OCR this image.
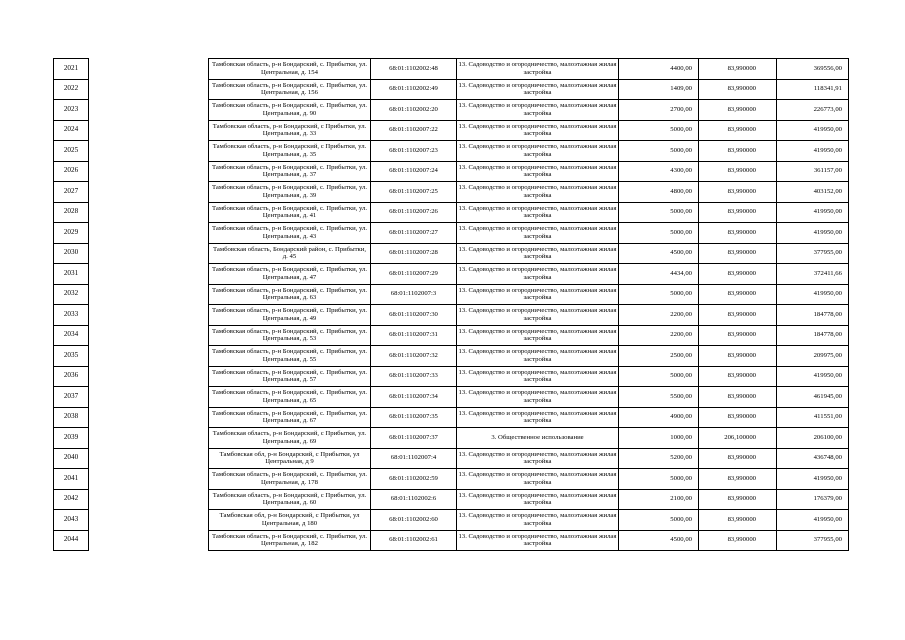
2021		Тамбовская область, р-н Бондарский, с. Прибытки, ул. Центральная, д. 154	68:01:1102002:48	13. Садоводство и огородничество, малоэтажная жилая застройка	4400,00	83,990000	369556,00
2022		Тамбовская область, р-н Бондарский, с. Прибытки, ул. Центральная, д. 156	68:01:1102002:49	13. Садоводство и огородничество, малоэтажная жилая застройка	1409,00	83,990000	118341,91
2023		Тамбовская область, р-н Бондарский, с. Прибытки, ул. Центральная, д. 90	68:01:1102002:20	13. Садоводство и огородничество, малоэтажная жилая застройка	2700,00	83,990000	226773,00
2024		Тамбовская область, р-н Бондарский, с Прибытки, ул. Центральная, д. 33	68:01:1102007:22	13. Садоводство и огородничество, малоэтажная жилая застройка	5000,00	83,990000	419950,00
2025		Тамбовская область, р-н Бондарский, с Прибытки, ул. Центральная, д. 35	68:01:1102007:23	13. Садоводство и огородничество, малоэтажная жилая застройка	5000,00	83,990000	419950,00
2026		Тамбовская область, р-н Бондарский, с. Прибытки, ул. Центральная, д. 37	68:01:1102007:24	13. Садоводство и огородничество, малоэтажная жилая застройка	4300,00	83,990000	361157,00
2027		Тамбовская область, р-н Бондарский, с. Прибытки, ул. Центральная, д. 39	68:01:1102007:25	13. Садоводство и огородничество, малоэтажная жилая застройка	4800,00	83,990000	403152,00
2028		Тамбовская область, р-н Бондарский, с. Прибытки, ул. Центральная, д. 41	68:01:1102007:26	13. Садоводство и огородничество, малоэтажная жилая застройка	5000,00	83,990000	419950,00
2029		Тамбовская область, р-н Бондарский, с. Прибытки, ул. Центральная, д. 43	68:01:1102007:27	13. Садоводство и огородничество, малоэтажная жилая застройка	5000,00	83,990000	419950,00
2030		Тамбовская область, Бондарский район, с. Прибытки, д. 45	68:01:1102007:28	13. Садоводство и огородничество, малоэтажная жилая застройка	4500,00	83,990000	377955,00
2031		Тамбовская область, р-н Бондарский, с. Прибытки, ул. Центральная, д. 47	68:01:1102007:29	13. Садоводство и огородничество, малоэтажная жилая застройка	4434,00	83,990000	372411,66
2032		Тамбовская область, р-н Бондарский, с. Прибытки, ул. Центральная, д. 63	68:01:1102007:3	13. Садоводство и огородничество, малоэтажная жилая застройка	5000,00	83,990000	419950,00
2033		Тамбовская область, р-н Бондарский, с. Прибытки, ул. Центральная, д. 49	68:01:1102007:30	13. Садоводство и огородничество, малоэтажная жилая застройка	2200,00	83,990000	184778,00
2034		Тамбовская область, р-н Бондарский, с. Прибытки, ул. Центральная, д. 53	68:01:1102007:31	13. Садоводство и огородничество, малоэтажная жилая застройка	2200,00	83,990000	184778,00
2035		Тамбовская область, р-н Бондарский, с. Прибытки, ул. Центральная, д. 55	68:01:1102007:32	13. Садоводство и огородничество, малоэтажная жилая застройка	2500,00	83,990000	209975,00
2036		Тамбовская область, р-н Бондарский, с. Прибытки, ул. Центральная, д. 57	68:01:1102007:33	13. Садоводство и огородничество, малоэтажная жилая застройка	5000,00	83,990000	419950,00
2037		Тамбовская область, р-н Бондарский, с. Прибытки, ул. Центральная, д. 65	68:01:1102007:34	13. Садоводство и огородничество, малоэтажная жилая застройка	5500,00	83,990000	461945,00
2038		Тамбовская область, р-н Бондарский, с. Прибытки, ул. Центральная, д. 67	68:01:1102007:35	13. Садоводство и огородничество, малоэтажная жилая застройка	4900,00	83,990000	411551,00
2039		Тамбовская область, р-н Бондарский, с Прибытки, ул. Центральная, д. 69	68:01:1102007:37	3. Общественное использование	1000,00	206,100000	206100,00
2040		Тамбовская обл, р-н Бондарский, с Прибытки, ул Центральная, д 9	68:01:1102007:4	13. Садоводство и огородничество, малоэтажная жилая застройка	5200,00	83,990000	436748,00
2041		Тамбовская область, р-н Бондарский, с. Прибытки, ул. Центральная, д. 178	68:01:1102002:59	13. Садоводство и огородничество, малоэтажная жилая застройка	5000,00	83,990000	419950,00
2042		Тамбовская область, р-н Бондарский, с Прибытки, ул. Центральная, д. 60	68:01:1102002:6	13. Садоводство и огородничество, малоэтажная жилая застройка	2100,00	83,990000	176379,00
2043		Тамбовская обл, р-н Бондарский, с Прибытки, ул Центральная, д 180	68:01:1102002:60	13. Садоводство и огородничество, малоэтажная жилая застройка	5000,00	83,990000	419950,00
2044		Тамбовская область, р-н Бондарский, с. Прибытки, ул. Центральная, д. 182	68:01:1102002:61	13. Садоводство и огородничество, малоэтажная жилая застройка	4500,00	83,990000	377955,00
